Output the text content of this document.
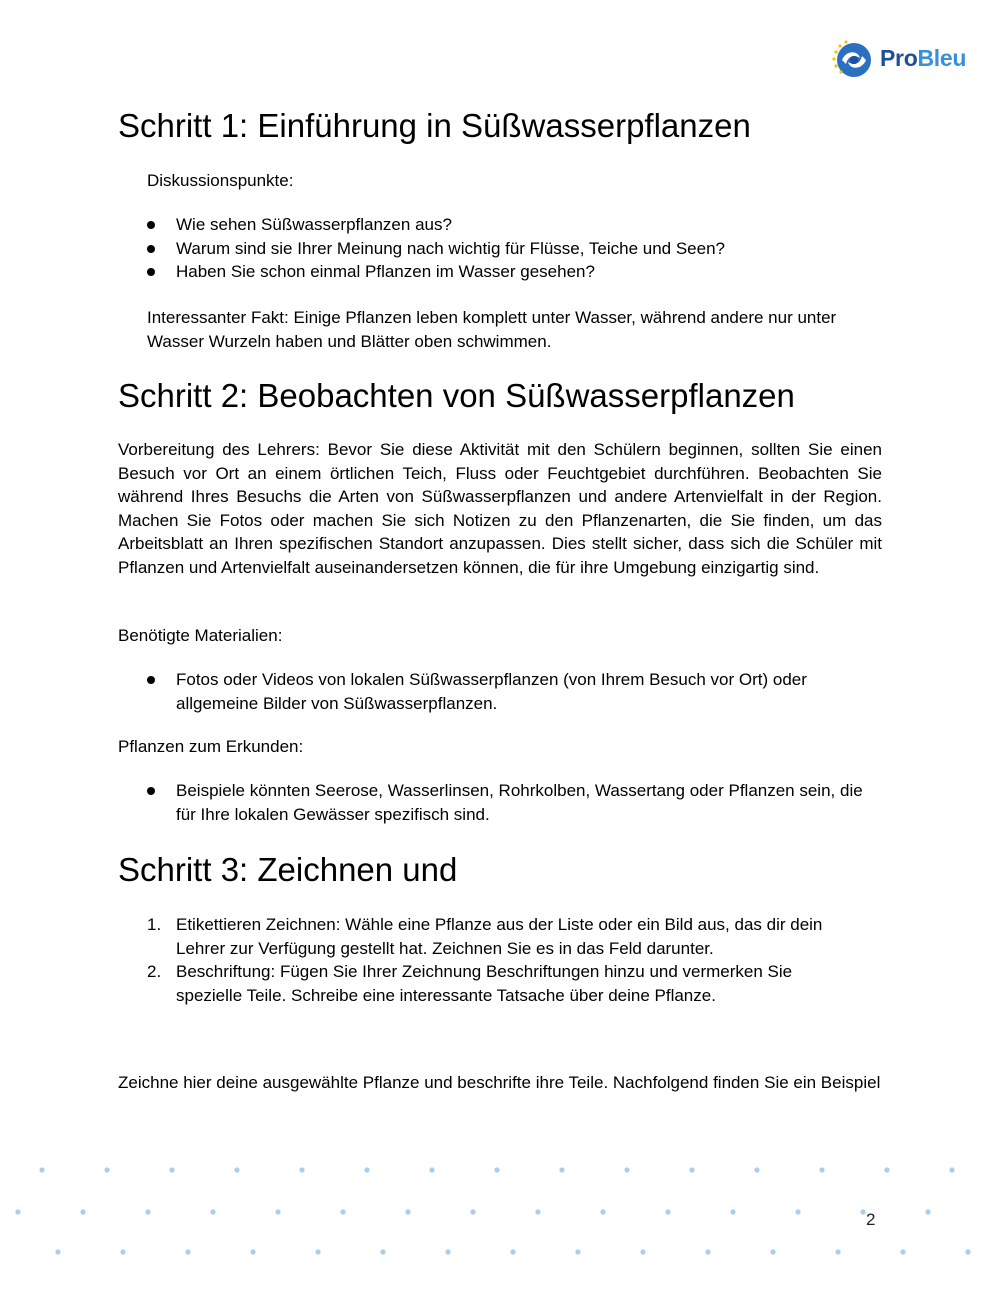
ProBleu
Schritt 1: Einführung in Süßwasserpflanzen

Diskussionspunkte:

Wie sehen Süßwasserpflanzen aus?
Warum sind sie Ihrer Meinung nach wichtig für Flüsse, Teiche und Seen?
Haben Sie schon einmal Pflanzen im Wasser gesehen?

Interessanter Fakt: Einige Pflanzen leben komplett unter Wasser, während andere nur unter Wasser Wurzeln haben und Blätter oben schwimmen.

Schritt 2: Beobachten von Süßwasserpflanzen

Vorbereitung des Lehrers: Bevor Sie diese Aktivität mit den Schülern beginnen, sollten Sie einen Besuch vor Ort an einem örtlichen Teich, Fluss oder Feuchtgebiet durchführen. Beobachten Sie während Ihres Besuchs die Arten von Süßwasserpflanzen und andere Artenvielfalt in der Region. Machen Sie Fotos oder machen Sie sich Notizen zu den Pflanzenarten, die Sie finden, um das Arbeitsblatt an Ihren spezifischen Standort anzupassen. Dies stellt sicher, dass sich die Schüler mit Pflanzen und Artenvielfalt auseinandersetzen können, die für ihre Umgebung einzigartig sind.

Benötigte Materialien:

Fotos oder Videos von lokalen Süßwasserpflanzen (von Ihrem Besuch vor Ort) oder allgemeine Bilder von Süßwasserpflanzen.

Pflanzen zum Erkunden:

Beispiele könnten Seerose, Wasserlinsen, Rohrkolben, Wassertang oder Pflanzen sein, die für Ihre lokalen Gewässer spezifisch sind.
Schritt 3: Zeichnen und
1. Etikettieren Zeichnen: Wähle eine Pflanze aus der Liste oder ein Bild aus, das dir dein Lehrer zur Verfügung gestellt hat. Zeichnen Sie es in das Feld darunter.
2. Beschriftung: Fügen Sie Ihrer Zeichnung Beschriftungen hinzu und vermerken Sie spezielle Teile. Schreibe eine interessante Tatsache über deine Pflanze.

Zeichne hier deine ausgewählte Pflanze und beschrifte ihre Teile. Nachfolgend finden Sie ein Beispiel

2
